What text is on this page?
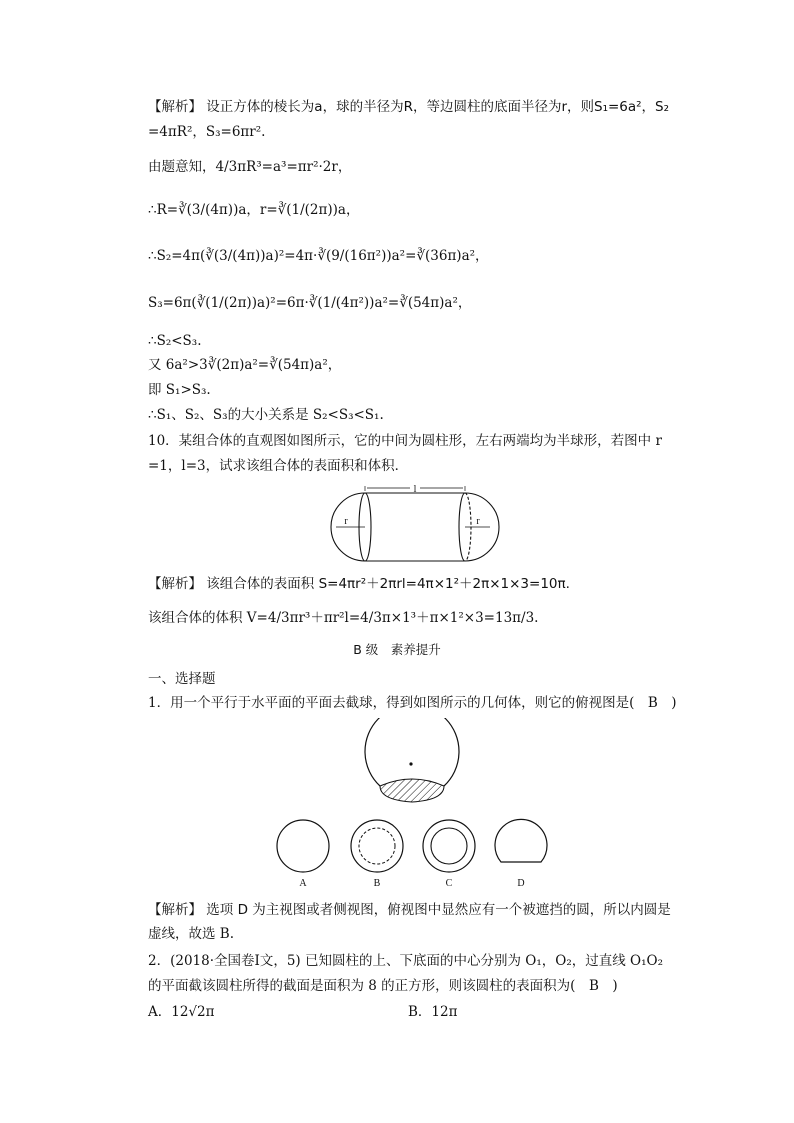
【解析】 设正方体的棱长为a，球的半径为R，等边圆柱的底面半径为r，则S₁=6a²，S₂
=4πR²，S₃=6πr².
由题意知，4/3πR³=a³=πr²·2r，
∴R=∛(3/(4π))a，r=∛(1/(2π))a，
∴S₂=4π(∛(3/(4π))a)²=4π·∛(9/(16π²))a²=∛(36π)a²，
S₃=6π(∛(1/(2π))a)²=6π·∛(1/(4π²))a²=∛(54π)a²，
∴S₂<S₃.
又 6a²>3∛(2π)a²=∛(54π)a²，
即 S₁>S₃.
∴S₁、S₂、S₃的大小关系是 S₂<S₃<S₁.
10．某组合体的直观图如图所示，它的中间为圆柱形，左右两端均为半球形，若图中 r
=1，l=3，试求该组合体的表面积和体积．
l
r	r
【解析】 该组合体的表面积 S=4πr²＋2πrl=4π×1²＋2π×1×3=10π.
该组合体的体积 V=4/3πr³＋πr²l=4/3π×1³＋π×1²×3=13π/3.
B 级　素养提升
一、选择题
1．用一个平行于水平面的平面去截球，得到如图所示的几何体，则它的俯视图是(　B　)
A	B	C	D
【解析】 选项 D 为主视图或者侧视图，俯视图中显然应有一个被遮挡的圆，所以内圆是
虚线，故选 B.
2．(2018·全国卷Ⅰ文，5) 已知圆柱的上、下底面的中心分别为 O₁，O₂，过直线 O₁O₂
的平面截该圆柱所得的截面是面积为 8 的正方形，则该圆柱的表面积为(　B　)
A．12√2π	B．12π
